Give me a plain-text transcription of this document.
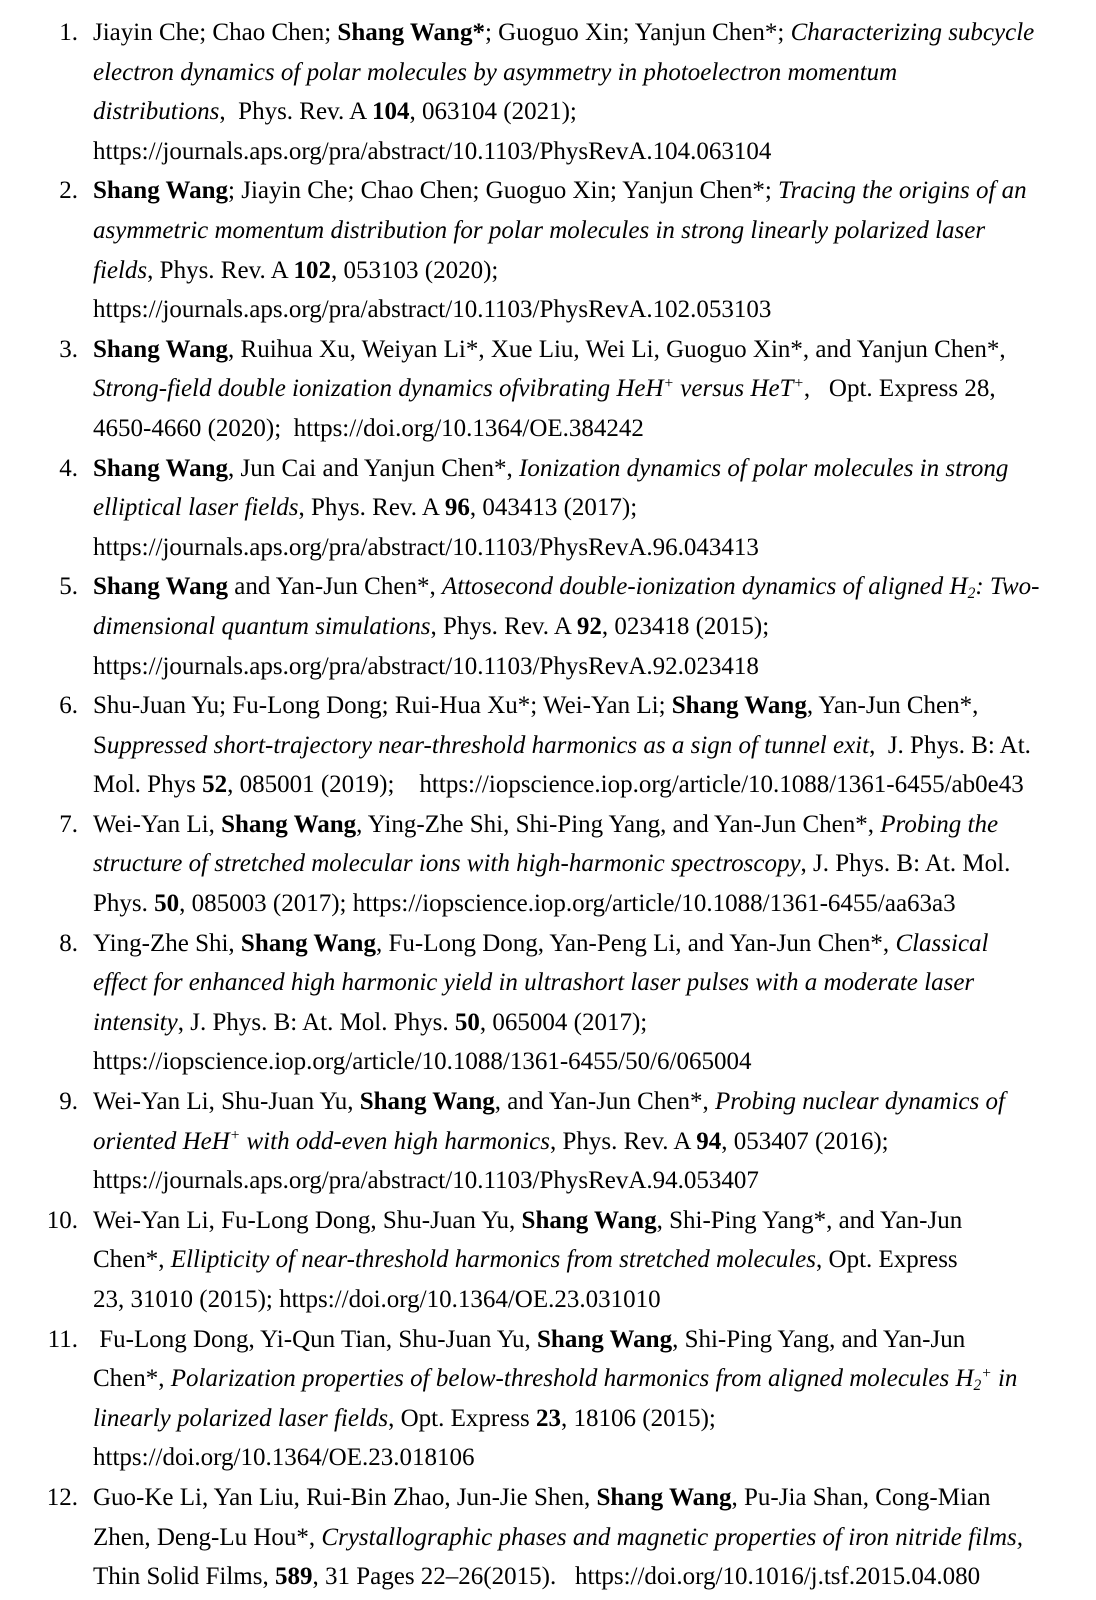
1. Jiayin Che; Chao Chen; Shang Wang*; Guoguo Xin; Yanjun Chen*; Characterizing subcycle
electron dynamics of polar molecules by asymmetry in photoelectron momentum
distributions,  Phys. Rev. A 104, 063104 (2021);
https://journals.aps.org/pra/abstract/10.1103/PhysRevA.104.063104
2. Shang Wang; Jiayin Che; Chao Chen; Guoguo Xin; Yanjun Chen*; Tracing the origins of an
asymmetric momentum distribution for polar molecules in strong linearly polarized laser
fields, Phys. Rev. A 102, 053103 (2020);
https://journals.aps.org/pra/abstract/10.1103/PhysRevA.102.053103
3. Shang Wang, Ruihua Xu, Weiyan Li*, Xue Liu, Wei Li, Guoguo Xin*, and Yanjun Chen*,
Strong-field double ionization dynamics ofvibrating HeH+ versus HeT+,   Opt. Express 28,
4650-4660 (2020);  https://doi.org/10.1364/OE.384242
4. Shang Wang, Jun Cai and Yanjun Chen*, Ionization dynamics of polar molecules in strong
elliptical laser fields, Phys. Rev. A 96, 043413 (2017);
https://journals.aps.org/pra/abstract/10.1103/PhysRevA.96.043413
5. Shang Wang and Yan-Jun Chen*, Attosecond double-ionization dynamics of aligned H2: Two-
dimensional quantum simulations, Phys. Rev. A 92, 023418 (2015);
https://journals.aps.org/pra/abstract/10.1103/PhysRevA.92.023418
6. Shu-Juan Yu; Fu-Long Dong; Rui-Hua Xu*; Wei-Yan Li; Shang Wang, Yan-Jun Chen*,
Suppressed short-trajectory near-threshold harmonics as a sign of tunnel exit,  J. Phys. B: At.
Mol. Phys 52, 085001 (2019);    https://iopscience.iop.org/article/10.1088/1361-6455/ab0e43
7. Wei-Yan Li, Shang Wang, Ying-Zhe Shi, Shi-Ping Yang, and Yan-Jun Chen*, Probing the
structure of stretched molecular ions with high-harmonic spectroscopy, J. Phys. B: At. Mol.
Phys. 50, 085003 (2017); https://iopscience.iop.org/article/10.1088/1361-6455/aa63a3
8. Ying-Zhe Shi, Shang Wang, Fu-Long Dong, Yan-Peng Li, and Yan-Jun Chen*, Classical
effect for enhanced high harmonic yield in ultrashort laser pulses with a moderate laser
intensity, J. Phys. B: At. Mol. Phys. 50, 065004 (2017);
https://iopscience.iop.org/article/10.1088/1361-6455/50/6/065004
9. Wei-Yan Li, Shu-Juan Yu, Shang Wang, and Yan-Jun Chen*, Probing nuclear dynamics of
oriented HeH+ with odd-even high harmonics, Phys. Rev. A 94, 053407 (2016);
https://journals.aps.org/pra/abstract/10.1103/PhysRevA.94.053407
10. Wei-Yan Li, Fu-Long Dong, Shu-Juan Yu, Shang Wang, Shi-Ping Yang*, and Yan-Jun
Chen*, Ellipticity of near-threshold harmonics from stretched molecules, Opt. Express
23, 31010 (2015); https://doi.org/10.1364/OE.23.031010
11. Fu-Long Dong, Yi-Qun Tian, Shu-Juan Yu, Shang Wang, Shi-Ping Yang, and Yan-Jun
Chen*, Polarization properties of below-threshold harmonics from aligned molecules H2+ in
linearly polarized laser fields, Opt. Express 23, 18106 (2015);
https://doi.org/10.1364/OE.23.018106
12. Guo-Ke Li, Yan Liu, Rui-Bin Zhao, Jun-Jie Shen, Shang Wang, Pu-Jia Shan, Cong-Mian
Zhen, Deng-Lu Hou*, Crystallographic phases and magnetic properties of iron nitride films,
Thin Solid Films, 589, 31 Pages 22–26(2015).   https://doi.org/10.1016/j.tsf.2015.04.080
